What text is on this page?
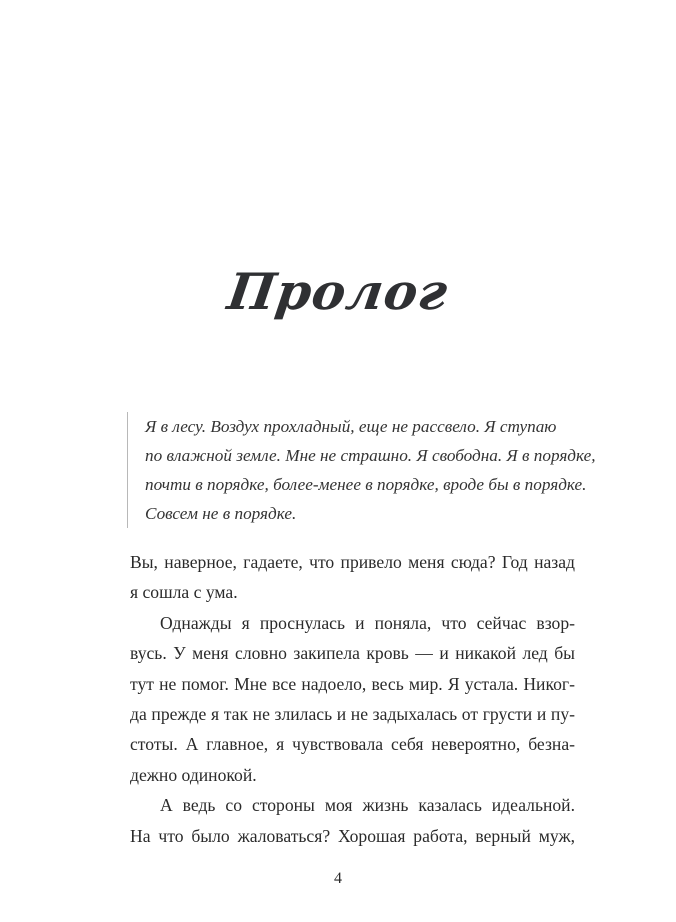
Пролог
Я в лесу. Воздух прохладный, еще не рассвело. Я ступаю
по влажной земле. Мне не страшно. Я свободна. Я в порядке,
почти в порядке, более-менее в порядке, вроде бы в порядке.
Совсем не в порядке.
Вы, наверное, гадаете, что привело меня сюда? Год назад
я сошла с ума.
Однажды я проснулась и поняла, что сейчас взор-
вусь. У меня словно закипела кровь — и никакой лед бы
тут не помог. Мне все надоело, весь мир. Я устала. Никог-
да прежде я так не злилась и не задыхалась от грусти и пу-
стоты. А главное, я чувствовала себя невероятно, безна-
дежно одинокой.
А ведь со стороны моя жизнь казалась идеальной.
На что было жаловаться? Хорошая работа, верный муж,
4
